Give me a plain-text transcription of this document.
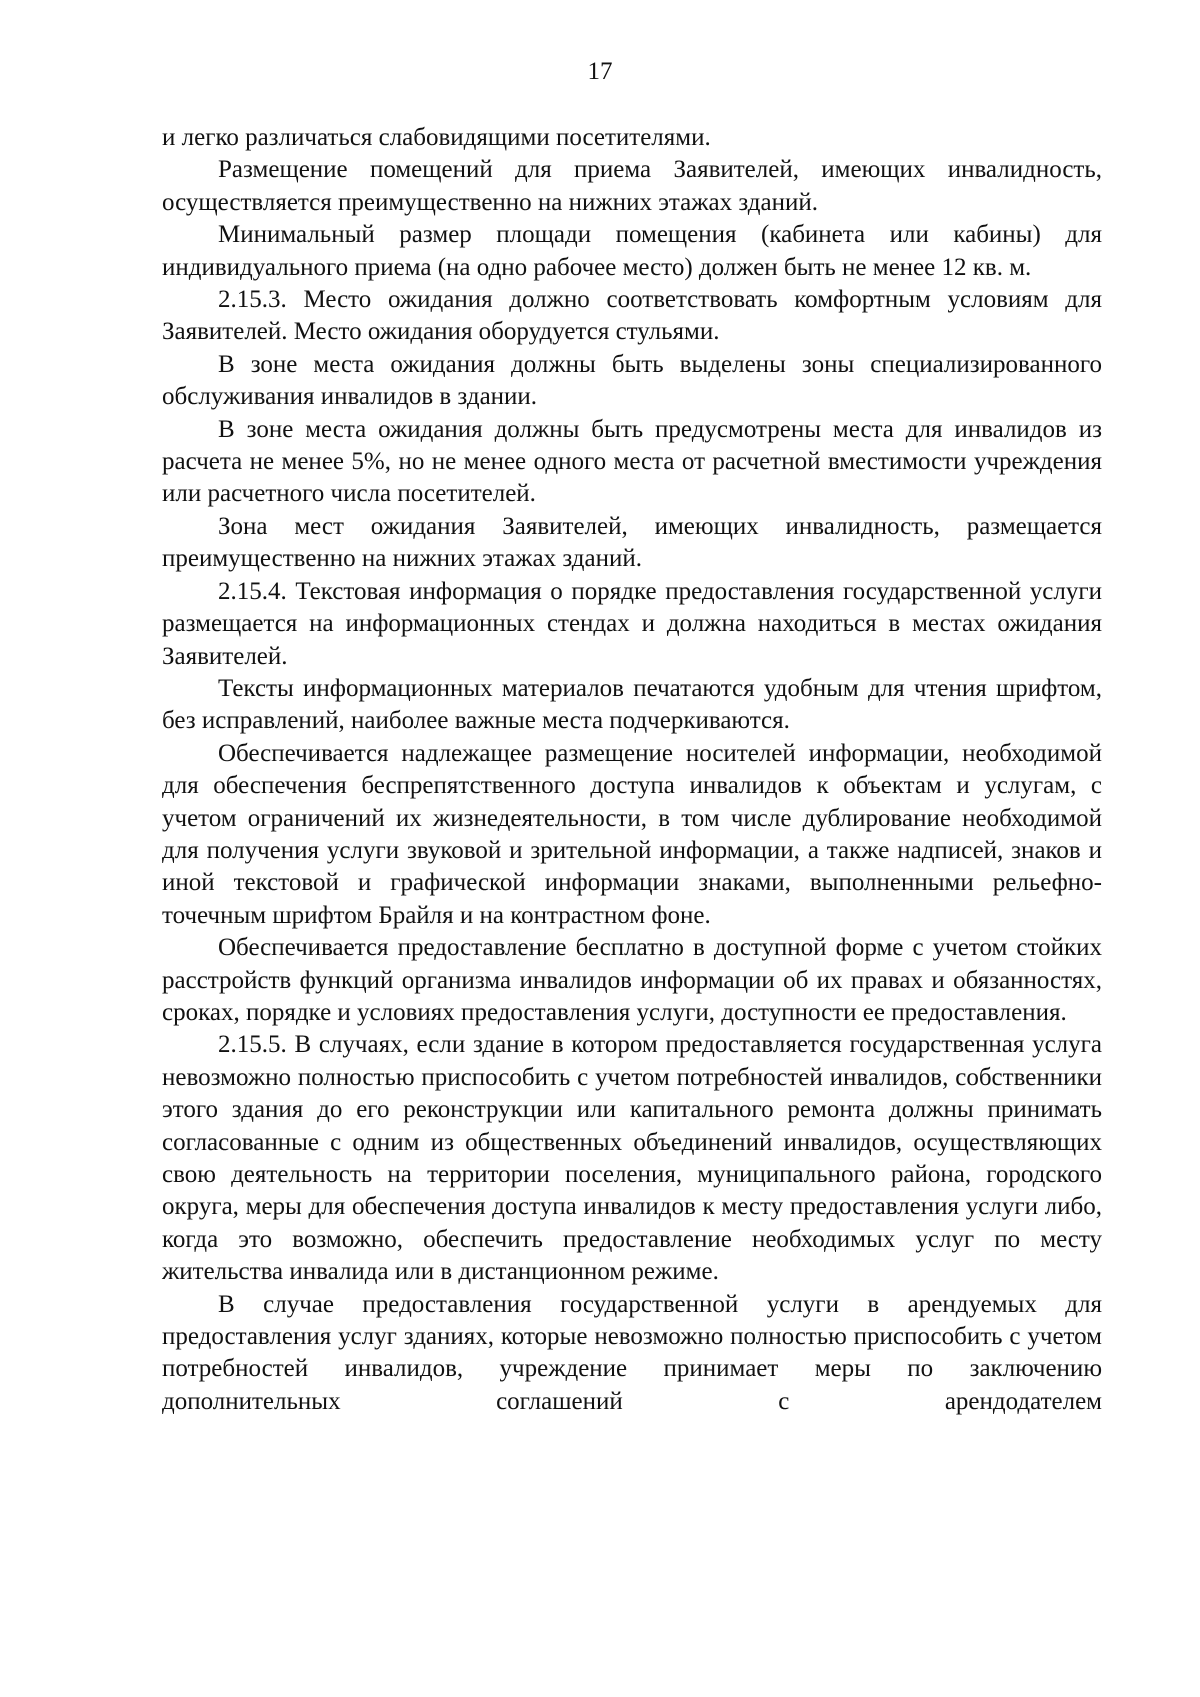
17

и легко различаться слабовидящими посетителями.

Размещение помещений для приема Заявителей, имеющих инвалидность, осуществляется преимущественно на нижних этажах зданий.

Минимальный размер площади помещения (кабинета или кабины) для индивидуального приема (на одно рабочее место) должен быть не менее 12 кв. м.

2.15.3. Место ожидания должно соответствовать комфортным условиям для Заявителей. Место ожидания оборудуется стульями.

В зоне места ожидания должны быть выделены зоны специализированного обслуживания инвалидов в здании.

В зоне места ожидания должны быть предусмотрены места для инвалидов из расчета не менее 5%, но не менее одного места от расчетной вместимости учреждения или расчетного числа посетителей.

Зона мест ожидания Заявителей, имеющих инвалидность, размещается преимущественно на нижних этажах зданий.

2.15.4. Текстовая информация о порядке предоставления государственной услуги размещается на информационных стендах и должна находиться в местах ожидания Заявителей.

Тексты информационных материалов печатаются удобным для чтения шрифтом, без исправлений, наиболее важные места подчеркиваются.

Обеспечивается надлежащее размещение носителей информации, необходимой для обеспечения беспрепятственного доступа инвалидов к объектам и услугам, с учетом ограничений их жизнедеятельности, в том числе дублирование необходимой для получения услуги звуковой и зрительной информации, а также надписей, знаков и иной текстовой и графической информации знаками, выполненными рельефно-точечным шрифтом Брайля и на контрастном фоне.

Обеспечивается предоставление бесплатно в доступной форме с учетом стойких расстройств функций организма инвалидов информации об их правах и обязанностях, сроках, порядке и условиях предоставления услуги, доступности ее предоставления.

2.15.5. В случаях, если здание в котором предоставляется государственная услуга невозможно полностью приспособить с учетом потребностей инвалидов, собственники этого здания до его реконструкции или капитального ремонта должны принимать согласованные с одним из общественных объединений инвалидов, осуществляющих свою деятельность на территории поселения, муниципального района, городского округа, меры для обеспечения доступа инвалидов к месту предоставления услуги либо, когда это возможно, обеспечить предоставление необходимых услуг по месту жительства инвалида или в дистанционном режиме.

В случае предоставления государственной услуги в арендуемых для предоставления услуг зданиях, которые невозможно полностью приспособить с учетом потребностей инвалидов, учреждение принимает меры по заключению дополнительных соглашений с арендодателем
